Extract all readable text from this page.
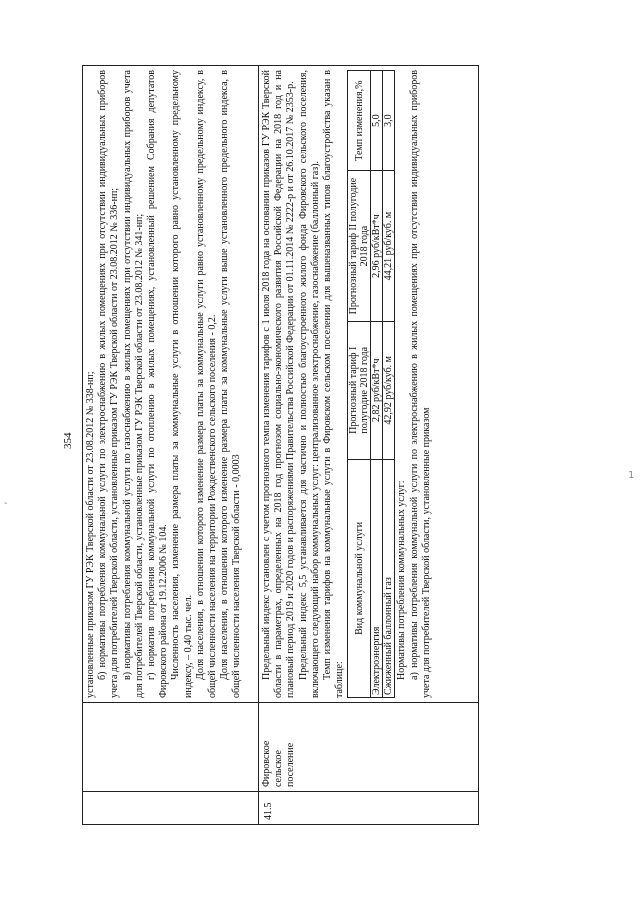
-
1
354
		установленные приказом ГУ РЭК Тверской области от 23.08.2012 № 338-нп; б) нормативы потребления коммунальной услуги по электроснабжению в жилых помещениях при отсутствии индивидуальных приборов учета для потребителей Тверской области, установленные приказом ГУ РЭК Тверской области от 23.08.2012 № 336-нп; в) нормативы потребления коммунальной услуги по газоснабжению в жилых помещениях при отсутствии индивидуальных приборов учета для потребителей Тверской области, установленные приказом ГУ РЭК Тверской области от 23.08.2012 № 341-нп; г) норматив потребления коммунальной услуги по отоплению в жилых помещениях, установленный решением Собрания депутатов Фировского района от 19.12.2006 № 104. Численность населения, изменение размера платы за коммунальные услуги в отношении которого равно установленному предельному индексу, – 0,40 тыс. чел. Доля населения, в отношении которого изменение размера платы за коммунальные услуги равно установленному предельному индексу, в общей численности населения на территории Рождественского сельского поселения - 0,2. Доля населения, в отношении которого изменение размера платы за коммунальные услуги выше установленного предельного индекса, в общей численности населения Тверской области - 0,0003

41.5	Фировское сельское поселение	

Предельный индекс установлен с учетом прогнозного темпа изменения тарифов с 1 июля 2018 года на основании приказов ГУ РЭК Тверской области в параметрах, определенных на 2018 год прогнозом социально-экономического развития Российской Федерации на 2018 год и на плановый период 2019 и 2020 годов и распоряжениями Правительства Российской Федерации от 01.11.2014 № 2222-р и от 26.10.2017 № 2353-р. Предельный индекс 5,5 устанавливается для частично и полностью благоустроенного жилого фонда Фировского сельского поселения, включающего следующий набор коммунальных услуг: централизованное электроснабжение, газоснабжение (баллонный газ). Темп изменения тарифов на коммунальные услуги в Фировском сельском поселении для вышеназванных типов благоустройства указан в таблице:

Вид коммунальной услуги	Прогнозный тариф I полугодие 2018 года	Прогнозный тариф II полугодие 2018 года	Темп изменения,%
Электроэнергия	2,82 руб/кВт*ч	2,96 руб/кВт*ч	5,0
Сжиженный баллонный газ	42,92 руб/куб. м	44,21 руб/куб. м	3,0

Нормативы потребления коммунальных услуг: а) нормативы потребления коммунальной услуги по электроснабжению в жилых помещениях при отсутствии индивидуальных приборов учета для потребителей Тверской области, установленные приказом
